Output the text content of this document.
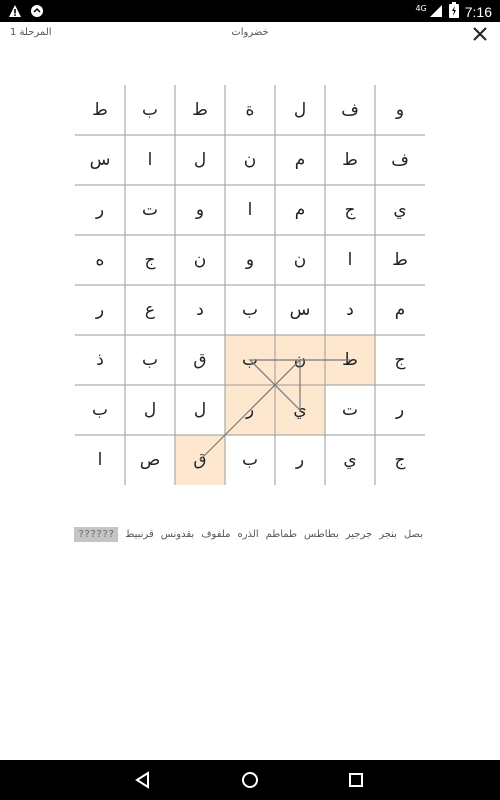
4G	7:16
المرحلة 1	خضروات
ط	ب	ط	ة	ل	ف	و
س	ا	ل	ن	م	ط	ف
ر	ت	و	ا	م	ج	ي
ه	ج	ن	و	ن	ا	ط
ر	ع	د	ب	س	د	م
ذ	ب	ق	ب	ن	ط	ج
ب	ل	ل	ر	ي	ت	ر
ا	ص	ق	ب	ر	ي	ج
بصل
بنجر
جرجير
بطاطس
طماطم
الذره
ملفوف
بقدونس
قرنبيط
??????
